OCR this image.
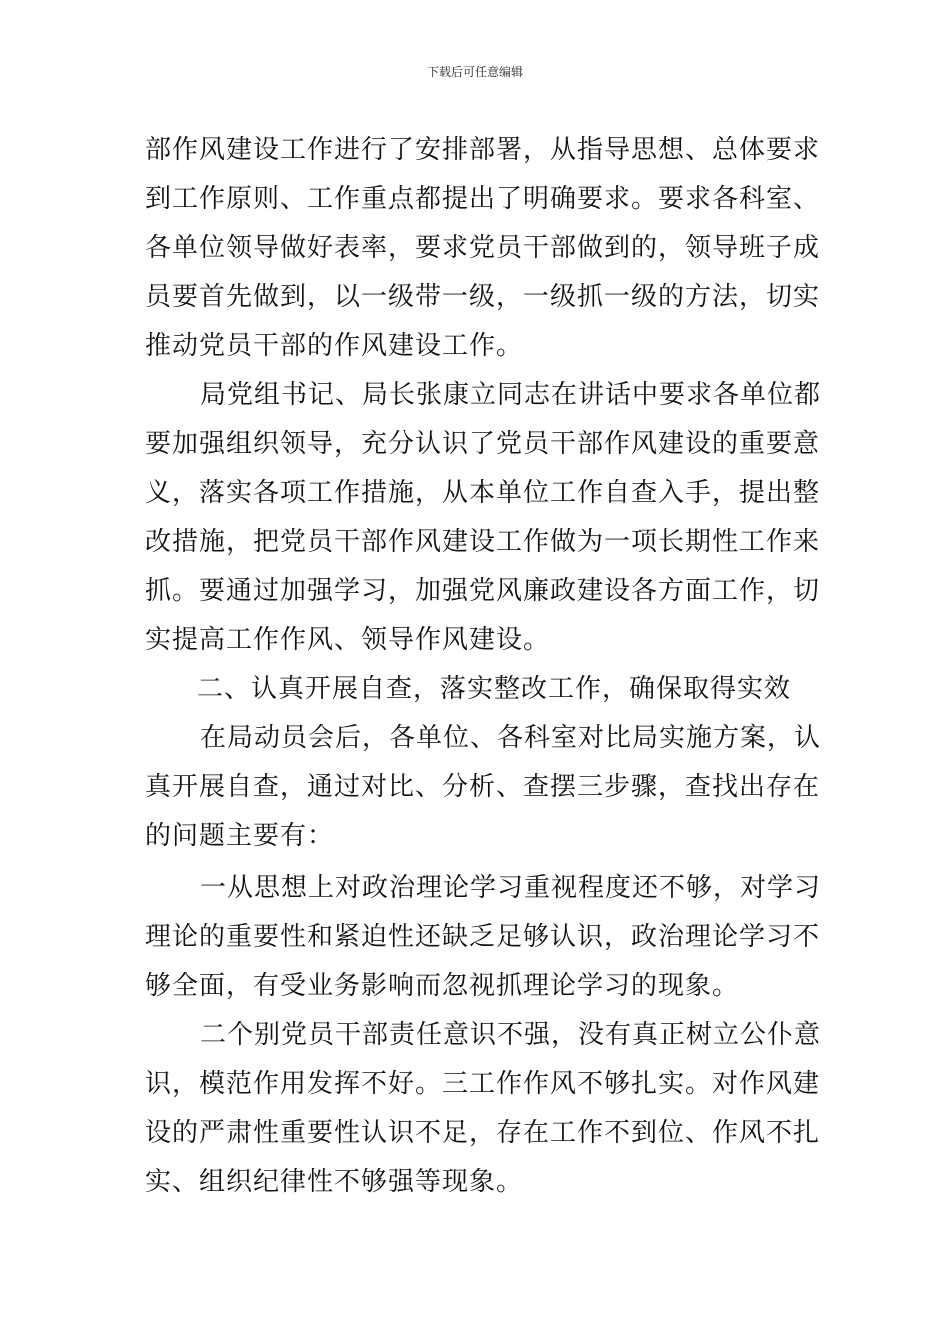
下载后可任意编辑
部作风建设工作进行了安排部署，从指导思想、总体要求
到工作原则、工作重点都提出了明确要求。要求各科室、
各单位领导做好表率，要求党员干部做到的，领导班子成
员要首先做到，以一级带一级，一级抓一级的方法，切实
推动党员干部的作风建设工作。
局党组书记、局长张康立同志在讲话中要求各单位都
要加强组织领导，充分认识了党员干部作风建设的重要意
义，落实各项工作措施，从本单位工作自查入手，提出整
改措施，把党员干部作风建设工作做为一项长期性工作来
抓。要通过加强学习，加强党风廉政建设各方面工作，切
实提高工作作风、领导作风建设。
二、认真开展自查，落实整改工作，确保取得实效
在局动员会后，各单位、各科室对比局实施方案，认
真开展自查，通过对比、分析、查摆三步骤，查找出存在
的问题主要有：
一从思想上对政治理论学习重视程度还不够，对学习
理论的重要性和紧迫性还缺乏足够认识，政治理论学习不
够全面，有受业务影响而忽视抓理论学习的现象。
二个别党员干部责任意识不强，没有真正树立公仆意
识，模范作用发挥不好。三工作作风不够扎实。对作风建
设的严肃性重要性认识不足，存在工作不到位、作风不扎
实、组织纪律性不够强等现象。
